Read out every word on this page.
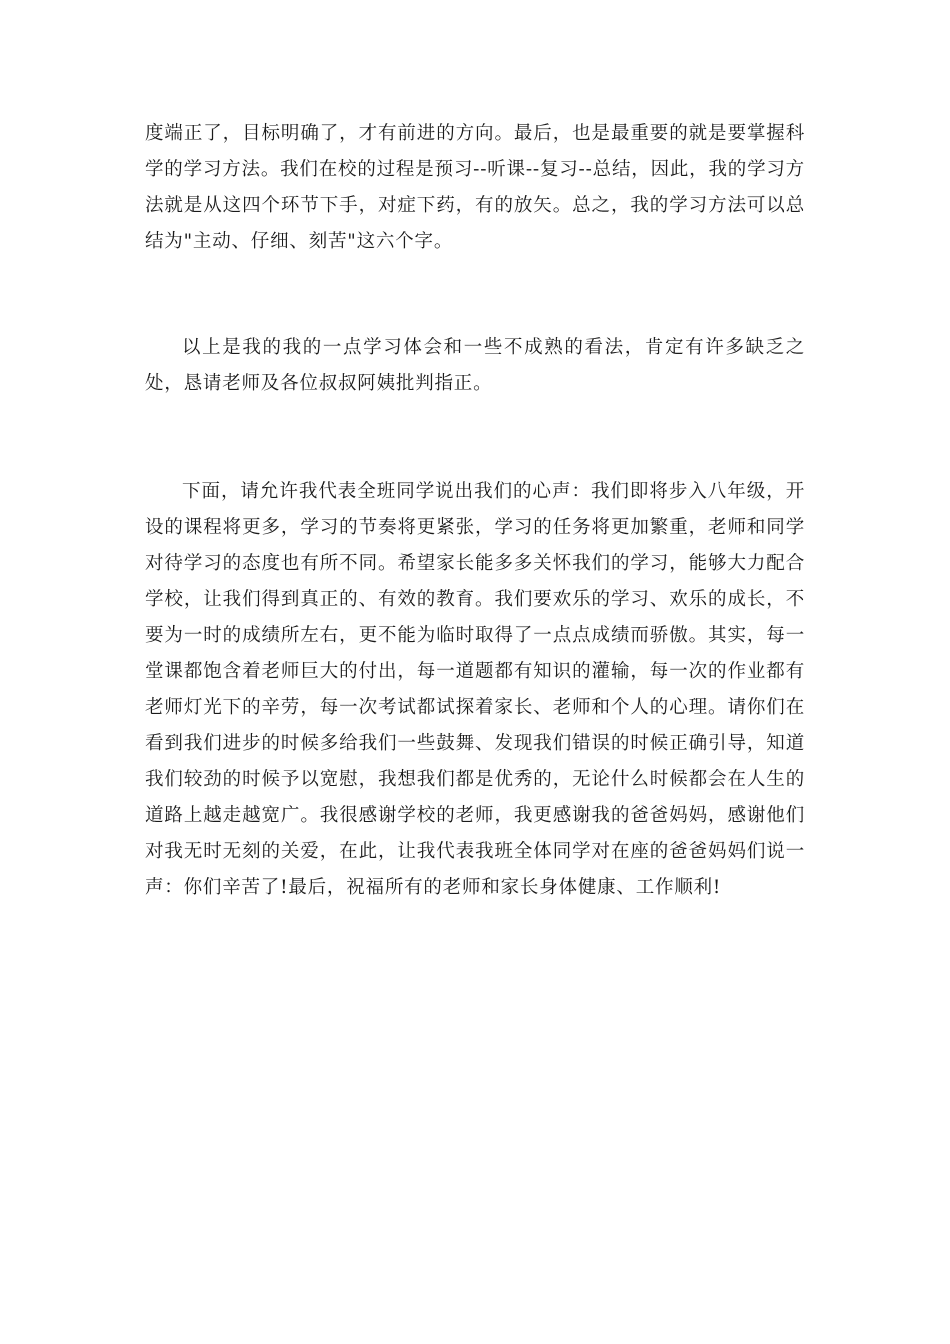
度端正了，目标明确了，才有前进的方向。最后，也是最重要的就是要掌握科学的学习方法。我们在校的过程是预习--听课--复习--总结，因此，我的学习方法就是从这四个环节下手，对症下药，有的放矢。总之，我的学习方法可以总结为"主动、仔细、刻苦"这六个字。

以上是我的我的一点学习体会和一些不成熟的看法，肯定有许多缺乏之处，恳请老师及各位叔叔阿姨批判指正。

下面，请允许我代表全班同学说出我们的心声：我们即将步入八年级，开设的课程将更多，学习的节奏将更紧张，学习的任务将更加繁重，老师和同学对待学习的态度也有所不同。希望家长能多多关怀我们的学习，能够大力配合学校，让我们得到真正的、有效的教育。我们要欢乐的学习、欢乐的成长，不要为一时的成绩所左右，更不能为临时取得了一点点成绩而骄傲。其实，每一堂课都饱含着老师巨大的付出，每一道题都有知识的灌输，每一次的作业都有老师灯光下的辛劳，每一次考试都试探着家长、老师和个人的心理。请你们在看到我们进步的时候多给我们一些鼓舞、发现我们错误的时候正确引导，知道我们较劲的时候予以宽慰，我想我们都是优秀的，无论什么时候都会在人生的道路上越走越宽广。我很感谢学校的老师，我更感谢我的爸爸妈妈，感谢他们对我无时无刻的关爱，在此，让我代表我班全体同学对在座的爸爸妈妈们说一声：你们辛苦了!最后，祝福所有的老师和家长身体健康、工作顺利!
